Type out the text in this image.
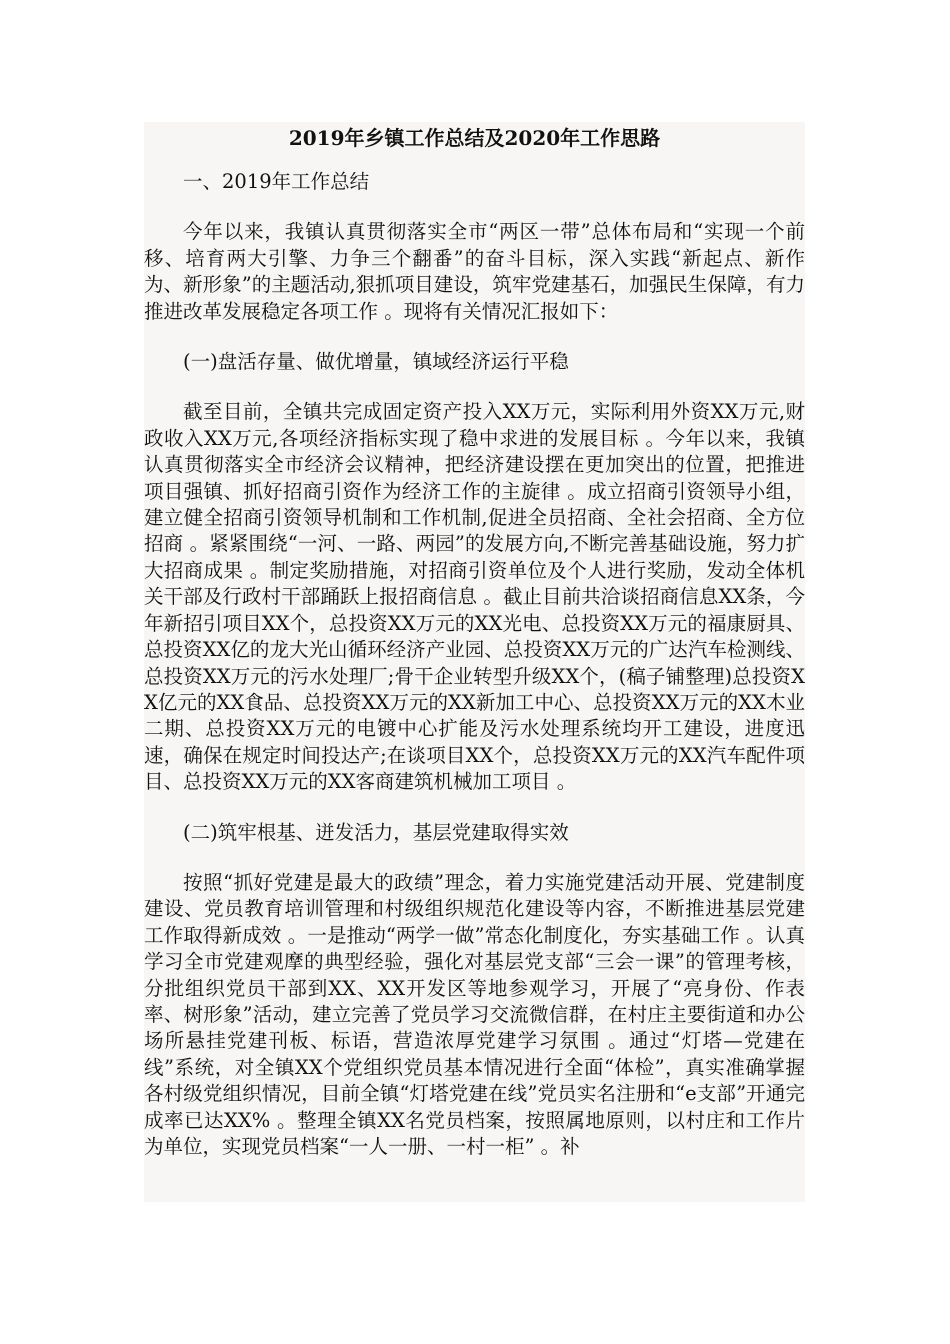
2019年乡镇工作总结及2020年工作思路

一、2019年工作总结

今年以来，我镇认真贯彻落实全市“两区一带”总体布局和“实现一个前移、培育两大引擎、力争三个翻番”的奋斗目标，深入实践“新起点、新作为、新形象”的主题活动,狠抓项目建设，筑牢党建基石，加强民生保障，有力推进改革发展稳定各项工作 。现将有关情况汇报如下：

(一)盘活存量、做优增量，镇域经济运行平稳

截至目前，全镇共完成固定资产投入XX万元，实际利用外资XX万元,财政收入XX万元,各项经济指标实现了稳中求进的发展目标 。今年以来，我镇认真贯彻落实全市经济会议精神，把经济建设摆在更加突出的位置，把推进项目强镇、抓好招商引资作为经济工作的主旋律 。成立招商引资领导小组，建立健全招商引资领导机制和工作机制,促进全员招商、全社会招商、全方位招商 。紧紧围绕“一河、一路、两园”的发展方向,不断完善基础设施，努力扩大招商成果 。制定奖励措施，对招商引资单位及个人进行奖励，发动全体机关干部及行政村干部踊跃上报招商信息 。截止目前共洽谈招商信息XX条，今年新招引项目XX个，总投资XX万元的XX光电、总投资XX万元的福康厨具、总投资XX亿的龙大光山循环经济产业园、总投资XX万元的广达汽车检测线、总投资XX万元的污水处理厂;骨干企业转型升级XX个，(稿子铺整理)总投资XX亿元的XX食品、总投资XX万元的XX新加工中心、总投资XX万元的XX木业二期、总投资XX万元的电镀中心扩能及污水处理系统均开工建设，进度迅速，确保在规定时间投达产;在谈项目XX个，总投资XX万元的XX汽车配件项目、总投资XX万元的XX客商建筑机械加工项目 。

(二)筑牢根基、迸发活力，基层党建取得实效

按照“抓好党建是最大的政绩”理念，着力实施党建活动开展、党建制度建设、党员教育培训管理和村级组织规范化建设等内容，不断推进基层党建工作取得新成效 。一是推动“两学一做”常态化制度化，夯实基础工作 。认真学习全市党建观摩的典型经验，强化对基层党支部“三会一课”的管理考核，分批组织党员干部到XX、XX开发区等地参观学习，开展了“亮身份、作表率、树形象”活动，建立完善了党员学习交流微信群，在村庄主要街道和办公场所悬挂党建刊板、标语，营造浓厚党建学习氛围 。通过“灯塔—党建在线”系统，对全镇XX个党组织党员基本情况进行全面“体检”，真实准确掌握各村级党组织情况，目前全镇“灯塔党建在线”党员实名注册和“e支部”开通完成率已达XX% 。整理全镇XX名党员档案，按照属地原则，以村庄和工作片为单位，实现党员档案“一人一册、一村一柜” 。补
